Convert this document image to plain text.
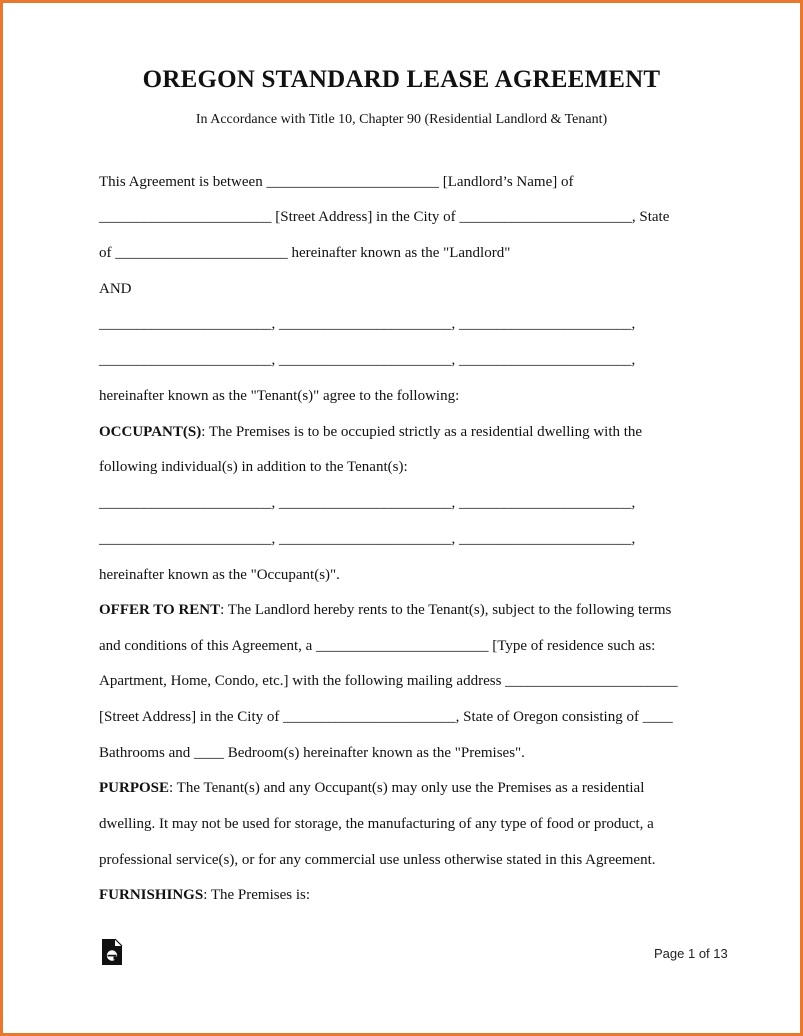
OREGON STANDARD LEASE AGREEMENT
In Accordance with Title 10, Chapter 90 (Residential Landlord & Tenant)
This Agreement is between _______________________ [Landlord’s Name] of
_______________________ [Street Address] in the City of _______________________, State
of _______________________ hereinafter known as the "Landlord"
AND
_______________________, _______________________, _______________________,
_______________________, _______________________, _______________________,
hereinafter known as the "Tenant(s)" agree to the following:
OCCUPANT(S): The Premises is to be occupied strictly as a residential dwelling with the
following individual(s) in addition to the Tenant(s):
_______________________, _______________________, _______________________,
_______________________, _______________________, _______________________,
hereinafter known as the "Occupant(s)".
OFFER TO RENT: The Landlord hereby rents to the Tenant(s), subject to the following terms
and conditions of this Agreement, a _______________________ [Type of residence such as:
Apartment, Home, Condo, etc.] with the following mailing address _______________________
[Street Address] in the City of _______________________, State of Oregon consisting of ____
Bathrooms and ____ Bedroom(s) hereinafter known as the "Premises".
PURPOSE: The Tenant(s) and any Occupant(s) may only use the Premises as a residential
dwelling. It may not be used for storage, the manufacturing of any type of food or product, a
professional service(s), or for any commercial use unless otherwise stated in this Agreement.
FURNISHINGS: The Premises is:
Page 1 of 13
